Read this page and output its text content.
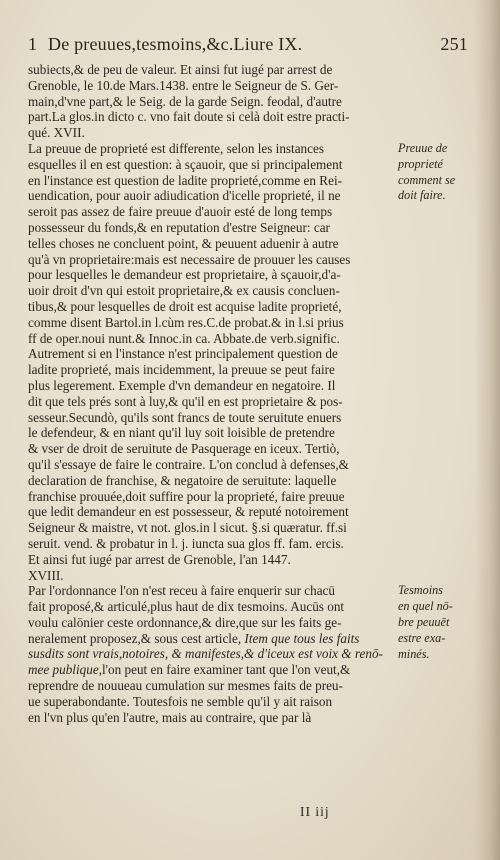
1 De preuues,tesmoins,&c.Liure IX.	251
subiects,& de peu de valeur. Et ainsi fut iugé par arrest de
Grenoble, le 10.de Mars.1438. entre le Seigneur de S. Ger-
main,d'vne part,& le Seig. de la garde Seign. feodal, d'autre
part.La glos.in dicto c. vno fait doute si celà doit estre practi-
qué. XVII.
La preuue de proprieté est differente, selon les instances
esquelles il en est question: à sçauoir, que si principalement
en l'instance est question de ladite proprieté,comme en Rei-
uendication, pour auoir adiudication d'icelle proprieté, il ne
seroit pas assez de faire preuue d'auoir esté de long temps
possesseur du fonds,& en reputation d'estre Seigneur: car
telles choses ne concluent point, & peuuent aduenir à autre
qu'à vn proprietaire:mais est necessaire de prouuer les causes
pour lesquelles le demandeur est proprietaire, à sçauoir,d'a-
uoir droit d'vn qui estoit proprietaire,& ex causis concluen-
tibus,& pour lesquelles de droit est acquise ladite proprieté,
comme disent Bartol.in l.cùm res.C.de probat.& in l.si prius
ff de oper.noui nunt.& Innoc.in ca. Abbate.de verb.signific.
Autrement si en l'instance n'est principalement question de
ladite proprieté, mais incidemment, la preuue se peut faire
plus legerement. Exemple d'vn demandeur en negatoire. Il
dit que tels prés sont à luy,& qu'il en est proprietaire & pos-
sesseur.Secundò, qu'ils sont francs de toute seruitute enuers
le defendeur, & en niant qu'il luy soit loisible de pretendre
& vser de droit de seruitute de Pasquerage en iceux. Tertiò,
qu'il s'essaye de faire le contraire. L'on conclud à defenses,&
declaration de franchise, & negatoire de seruitute: laquelle
franchise prouuée,doit suffire pour la proprieté, faire preuue
que ledit demandeur en est possesseur, & reputé notoirement
Seigneur & maistre, vt not. glos.in l sicut. §.si quæratur. ff.si
seruit. vend. & probatur in l. j. iuncta sua glos ff. fam. ercis.
Et ainsi fut iugé par arrest de Grenoble, l'an 1447.
XVIII.
Par l'ordonnance l'on n'est receu à faire enquerir sur chacū
fait proposé,& articulé,plus haut de dix tesmoins. Aucūs ont
voulu calōnier ceste ordonnance,& dire,que sur les faits ge-
neralement proposez,& sous cest article, Item que tous les faits
susdits sont vrais,notoires, & manifestes,& d'iceux est voix & renō-
mee publique,l'on peut en faire examiner tant que l'on veut,&
reprendre de nouueau cumulation sur mesmes faits de preu-
ue superabondante. Toutesfois ne semble qu'il y ait raison
en l'vn plus qu'en l'autre, mais au contraire, que par là
Preuue de
proprieté
comment se
doit faire.
Tesmoins
en quel nō-
bre peuuēt
estre exa-
minés.
II iij
